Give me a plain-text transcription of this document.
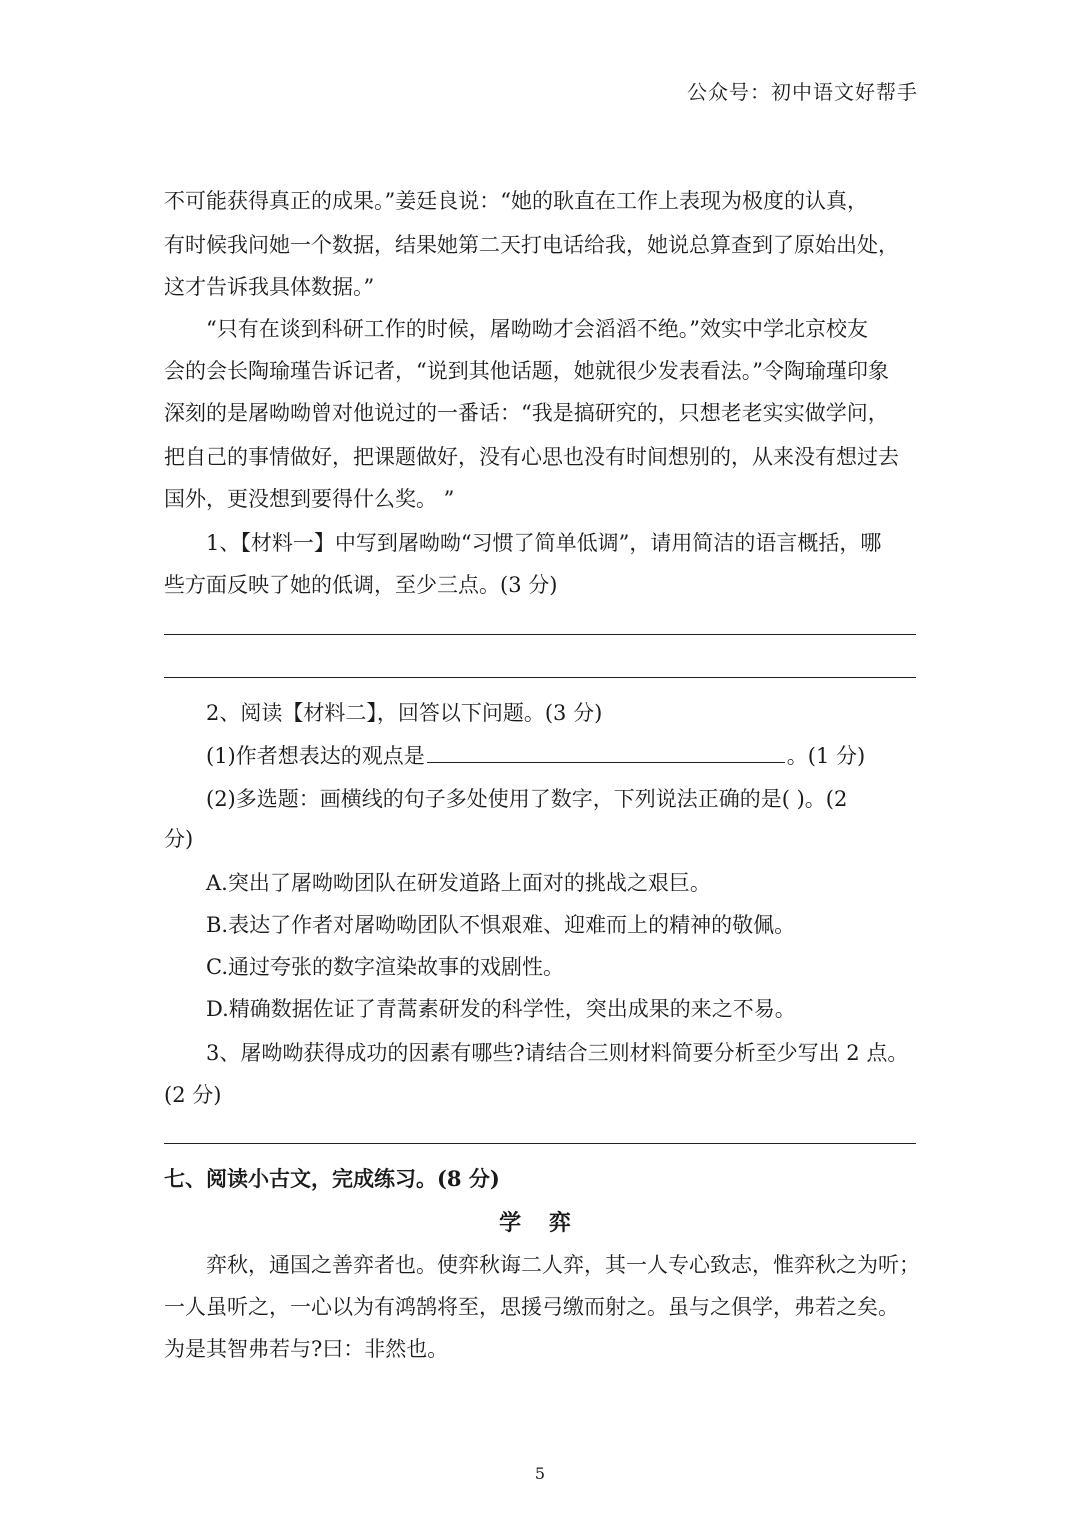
公众号：初中语文好帮手
不可能获得真正的成果。”姜廷良说：“她的耿直在工作上表现为极度的认真，
有时候我问她一个数据，结果她第二天打电话给我，她说总算查到了原始出处，
这才告诉我具体数据。”
“只有在谈到科研工作的时候，屠呦呦才会滔滔不绝。”效实中学北京校友
会的会长陶瑜瑾告诉记者，“说到其他话题，她就很少发表看法。”令陶瑜瑾印象
深刻的是屠呦呦曾对他说过的一番话：“我是搞研究的，只想老老实实做学问，
把自己的事情做好，把课题做好，没有心思也没有时间想别的，从来没有想过去
国外，更没想到要得什么奖。 ”
1、【材料一】中写到屠呦呦“习惯了简单低调”，请用简洁的语言概括，哪
些方面反映了她的低调，至少三点。(3 分)
2、阅读【材料二】，回答以下问题。(3 分)
(1)作者想表达的观点是	。(1 分)
(2)多选题：画横线的句子多处使用了数字，下列说法正确的是( )。(2
分)
A.突出了屠呦呦团队在研发道路上面对的挑战之艰巨。
B.表达了作者对屠呦呦团队不惧艰难、迎难而上的精神的敬佩。
C.通过夸张的数字渲染故事的戏剧性。
D.精确数据佐证了青蒿素研发的科学性，突出成果的来之不易。
3、屠呦呦获得成功的因素有哪些?请结合三则材料简要分析至少写出 2 点。
(2 分)
七、阅读小古文，完成练习。(8 分)
学 弈
弈秋，通国之善弈者也。使弈秋诲二人弈，其一人专心致志，惟弈秋之为听；
一人虽听之，一心以为有鸿鹄将至，思援弓缴而射之。虽与之俱学，弗若之矣。
为是其智弗若与?曰：非然也。
5
